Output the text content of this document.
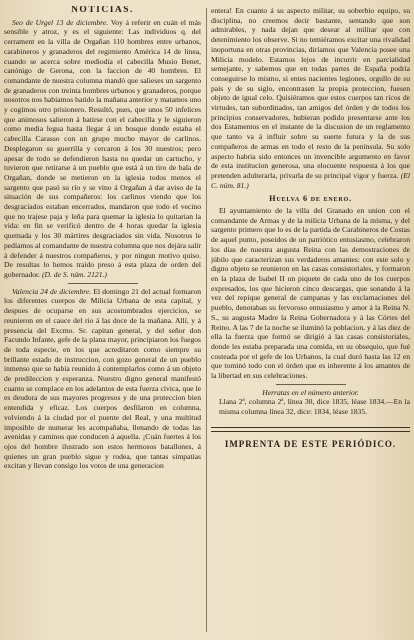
NOTICIAS.

Seo de Urgel 13 de diciembre. Voy á referir en cuán el más sensible y atroz, y es el siguiente: Las individuos q. del cerrament en la villa de Orgañan 110 hombres entre urbanos, carabineros y granaderos del regimiento América 14 de linea, cuando se acerca sobre mediodía el cabecilla Musio Benet, canónigo de Gerona, con la faccion de 40 hombres. El comandante de nuestra columna mandó que salieses un sargento de granaderos con treinta hombres urbanos y granaderos, porque nosotros nos habíamos batido la mañana anterior y matamos uno y cogimos otro prisionero. Resultó, pues, que unos 50 infelices que animosos salieron á batirse con el cabecilla y le siguieron como media legua hasta llegar á un bosque donde estaba el cabecilla Carasso con un grupo mucho mayor de carlinos. Desplegaron su guerrilla y cercaron á los 30 nuestros; pero apesar de todo se defendieron hasta no quedar un cartucho, y tuvieron que retirarse á un pueblo que está á un tiro de bala de Orgañan, donde se metieron en la iglesia todos menos el sargento que pasó su río y se vino á Orgañan á dar aviso de la situación de sus compañeros: los carlinos viendo que los desgraciados estaban encerrados, mandaron que todo el vecino que no trajese paja y leña para quemar la iglesia lo quitarian la vida: en fin se verificó dentro de 4 horas quedar la iglesia quemada y los 30 mártires desgraciados sin vida. Nosotros le pedíamos al comandante de nuestra columna que nos dejára salir á defender á nuestros compañeros, y por ningun motivo quiso. De resultas lo hemos traido preso á esta plaza de orden del gobernador. (D. de S. núm. 2121.)

Valencia 24 de diciembre. El domingo 21 del actual formaron los diferentes cuerpos de Milicia Urbana de esta capital, y despues de ocuparse en sus acostumbrados ejercicios, se reunieron en el cauce del rio á las doce de la mañana. Allí, y á presencia del Excmo. Sr. capitan general, y del señor don Facundo Infante, gefe de la plana mayor, principiaron los fuegos de toda especie, en los que acreditaron como siempre su brillante estado de instruccion, con gozo general de un pueblo inmenso que se había reunido á contemplarlos como á un objeto de predileccion y esperanza. Nuestro digno general manifestó cuanto se complace en los adelantos de esta fuerza cívica, que le es deudora de sus mayores progresos y de una proteccion bien entendida y eficaz. Los cuerpos desfilaron en columna, volviendo á la ciudad por el puente del Real, y una multitud imposible de numerar les acompañaba, llenando de todas las avenidas y caminos que conducen á aquella. ¡Cuán fuertes á los ojos del hombre ilustrado son estos hermosos batallones, á quienes un gran pueblo sigue y rodea, que tantas simpatías excitan y llevan consigo los votos de una generacion

entera! En cuanto á su aspecto militar, su soberbio equipo, su disciplina, no creemos decir bastante, sentando que son admirables, y nada dejan que desear al militar que con detenimiento los observe. Si no temiéramos excitar una rivalidad inoportuna en otras provincias, diríamos que Valencia posee una Milicia modelo. Estamos lejos de incurrir en parcialidad semejante, y sabemos que en todas partes de España podría conseguirse lo mismo, si entes nacientes legiones, orgullo de su país y de su siglo, encontrasen la propia proteccion, fuesen objeto de igual celo. Quisiéramos que estos cuerpos tan ricos de virtudes, tan subordinados, tan amigos del órden y de todos los principios conservadores, hubieran podido presentarse ante los dos Estamentos en el instante de la discusion de un reglamento que tanto va á influir sobre su suerte futura y la de sus compañeros de armas en todo el resto de la península. Su solo aspecto habria sido entonces un invencible argumento en favor de esta institucion generosa, una elocuente respuesta á los que pretenden adulterarla, privarla de su principal vigor y fuerza. (El C. núm. 81.)

Huelva 6 de enero.

El ayuntamiento de la villa del Granado en union con el comandante de Armas y de la milicia Urbana de la misma, y del sargento primero que lo es de la partida de Carabineros de Costas de aquel punto, poseidos de un patriótico entusiasmo, celebraron los dias de nuestra augusta Reina con las demostraciones de júbilo que caracterizan sus verdaderos amantes: con este solo y digno objeto se reunieron en las casas consistoriales, y formaron en la plaza de Isabel II un piquete de cada uno de los cuerpos expresados, los que hicieron cinco descargas, que sonando á la vez del repique general de campanas y las exclamaciones del pueblo, denotaban su fervoroso entusiasmo y amor á la Reina N. S., su augusta Madre la Reina Gobernadora y á las Córtes del Reino. A las 7 de la noche se iluminó la poblacion, y á las diez de ella la fuerza que formó se dirigió á las casas consistoriales, donde les estaba preparada una comida, en su obsequio, que fué costeada por el gefe de los Urbanos, la cual duró hasta las 12 en que tominó todo con el órden que es inherente á los amantes de la libertad en sus celebraciones.

Herratas en el número anterior.

Llana 2ª, columna 2ª, línea 30, dice 1835, léase 1834.—En la misma columna línea 32, dice: 1834, léase 1835.

IMPRENTA DE ESTE PERIÓDICO.
